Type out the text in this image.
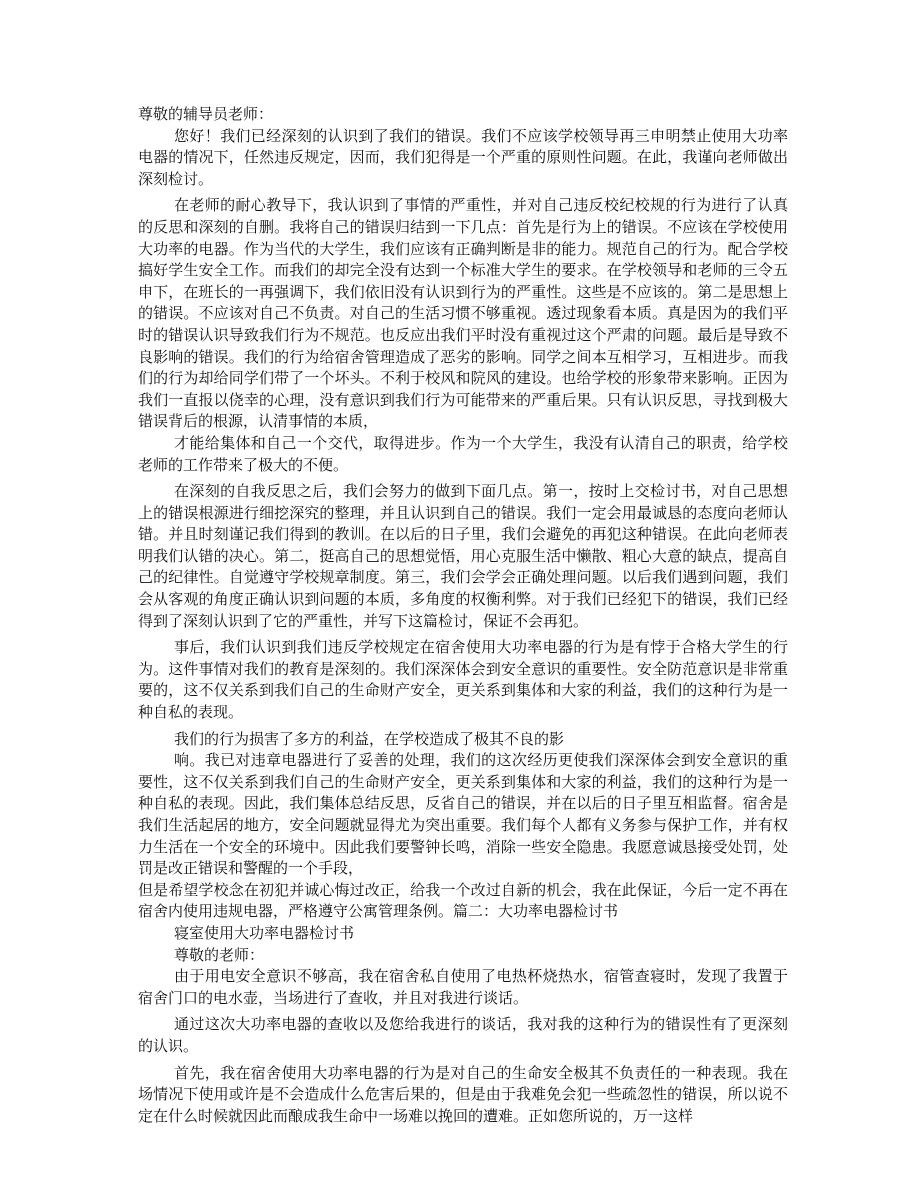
尊敬的辅导员老师：

您好！我们已经深刻的认识到了我们的错误。我们不应该学校领导再三申明禁止使用大功率电器的情况下，任然违反规定，因而，我们犯得是一个严重的原则性问题。在此，我谨向老师做出深刻检讨。

在老师的耐心教导下，我认识到了事情的严重性，并对自己违反校纪校规的行为进行了认真的反思和深刻的自删。我将自己的错误归结到一下几点：首先是行为上的错误。不应该在学校使用大功率的电器。作为当代的大学生，我们应该有正确判断是非的能力。规范自己的行为。配合学校搞好学生安全工作。而我们的却完全没有达到一个标准大学生的要求。在学校领导和老师的三令五申下，在班长的一再强调下，我们依旧没有认识到行为的严重性。这些是不应该的。第二是思想上的错误。不应该对自己不负责。对自己的生活习惯不够重视。透过现象看本质。真是因为的我们平时的错误认识导致我们行为不规范。也反应出我们平时没有重视过这个严肃的问题。最后是导致不良影响的错误。我们的行为给宿舍管理造成了恶劣的影响。同学之间本互相学习，互相进步。而我们的行为却给同学们带了一个坏头。不利于校风和院风的建设。也给学校的形象带来影响。正因为我们一直报以侥幸的心理，没有意识到我们行为可能带来的严重后果。只有认识反思，寻找到极大错误背后的根源，认清事情的本质，

才能给集体和自己一个交代，取得进步。作为一个大学生，我没有认清自己的职责，给学校老师的工作带来了极大的不便。

在深刻的自我反思之后，我们会努力的做到下面几点。第一，按时上交检讨书，对自己思想上的错误根源进行细挖深究的整理，并且认识到自己的错误。我们一定会用最诚恳的态度向老师认错。并且时刻谨记我们得到的教训。在以后的日子里，我们会避免的再犯这种错误。在此向老师表明我们认错的决心。第二，挺高自己的思想觉悟，用心克服生活中懒散、粗心大意的缺点，提高自己的纪律性。自觉遵守学校规章制度。第三，我们会学会正确处理问题。以后我们遇到问题，我们会从客观的角度正确认识到问题的本质，多角度的权衡利弊。对于我们已经犯下的错误，我们已经得到了深刻认识到了它的严重性，并写下这篇检讨，保证不会再犯。

事后，我们认识到我们违反学校规定在宿舍使用大功率电器的行为是有悖于合格大学生的行为。这件事情对我们的教育是深刻的。我们深深体会到安全意识的重要性。安全防范意识是非常重要的，这不仅关系到我们自己的生命财产安全，更关系到集体和大家的利益，我们的这种行为是一种自私的表现。

我们的行为损害了多方的利益，在学校造成了极其不良的影

响。我已对违章电器进行了妥善的处理，我们的这次经历更使我们深深体会到安全意识的重要性，这不仅关系到我们自己的生命财产安全，更关系到集体和大家的利益，我们的这种行为是一种自私的表现。因此，我们集体总结反思，反省自己的错误，并在以后的日子里互相监督。宿舍是我们生活起居的地方，安全问题就显得尤为突出重要。我们每个人都有义务参与保护工作，并有权力生活在一个安全的环境中。因此我们要警钟长鸣，消除一些安全隐患。我愿意诚恳接受处罚，处罚是改正错误和警醒的一个手段，

但是希望学校念在初犯并诚心悔过改正，给我一个改过自新的机会，我在此保证，今后一定不再在宿舍内使用违规电器，严格遵守公寓管理条例。篇二：大功率电器检讨书

寝室使用大功率电器检讨书

尊敬的老师：

由于用电安全意识不够高，我在宿舍私自使用了电热杯烧热水，宿管查寝时，发现了我置于宿舍门口的电水壶，当场进行了查收，并且对我进行谈话。

通过这次大功率电器的查收以及您给我进行的谈话，我对我的这种行为的错误性有了更深刻的认识。

首先，我在宿舍使用大功率电器的行为是对自己的生命安全极其不负责任的一种表现。我在场情况下使用或许是不会造成什么危害后果的，但是由于我难免会犯一些疏忽性的错误，所以说不定在什么时候就因此而酿成我生命中一场难以挽回的遭难。正如您所说的，万一这样
